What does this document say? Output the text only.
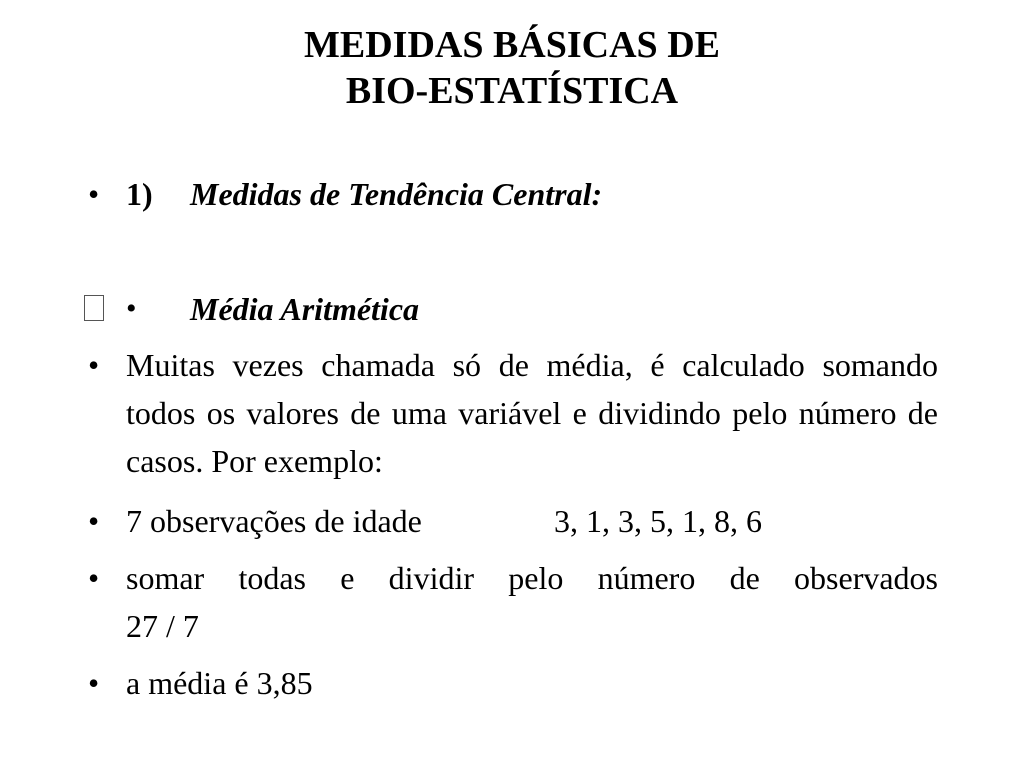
MEDIDAS BÁSICAS DE
BIO-ESTATÍSTICA
• 1) Medidas de Tendência Central:
• Média Aritmética
• Muitas vezes chamada só de média, é calculado somando todos os valores de uma variável e dividindo pelo número de casos. Por exemplo:
• 7 observações de idade	3, 1, 3, 5, 1, 8, 6
• somar todas e dividir pelo número de observados
27 / 7
• a média é 3,85
